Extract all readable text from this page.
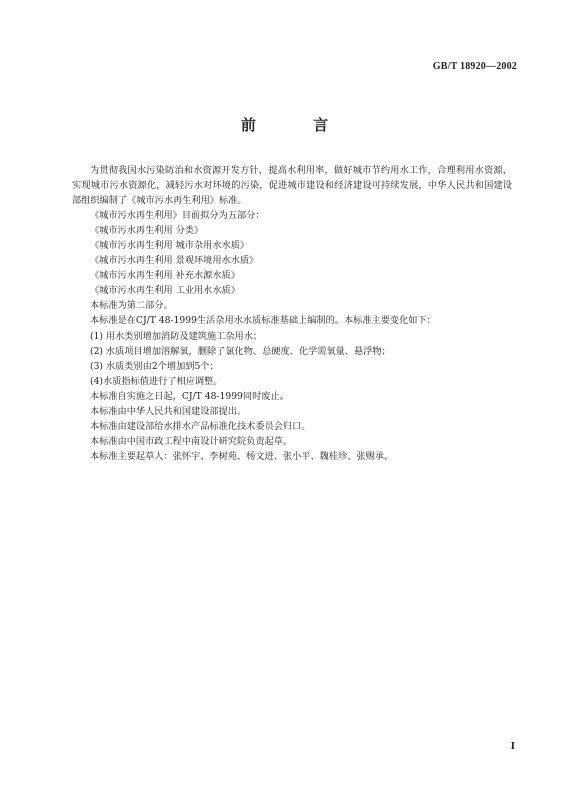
GB/T 18920—2002
前 言

为贯彻我国水污染防治和水资源开发方针，提高水利用率，做好城市节约用水工作，合理利用水资源，实现城市污水资源化，减轻污水对环境的污染，促进城市建设和经济建设可持续发展，中华人民共和国建设部组织编制了《城市污水再生利用》标准。

《城市污水再生利用》目前拟分为五部分：

《城市污水再生利用 分类》

《城市污水再生利用 城市杂用水水质》

《城市污水再生利用 景观环境用水水质》

《城市污水再生利用 补充水源水质》

《城市污水再生利用 工业用水水质》

本标准为第二部分。

本标准是在CJ/T 48-1999生活杂用水水质标准基础上编制的。本标准主要变化如下：

(1) 用水类别增加消防及建筑施工杂用水；

(2) 水质项目增加溶解氧，删除了氯化物、总硬度、化学需氧量、悬浮物；

(3) 水质类别由2个增加到5个；

(4)水质指标值进行了相应调整。

本标准自实施之日起，CJ/T 48-1999同时废止。

本标准由中华人民共和国建设部提出。

本标准由建设部给水排水产品标准化技术委员会归口。

本标准由中国市政工程中南设计研究院负责起草。

本标准主要起草人：张怀宇、李树苑、杨文进、张小平、魏桂珍、张赐承。

I
